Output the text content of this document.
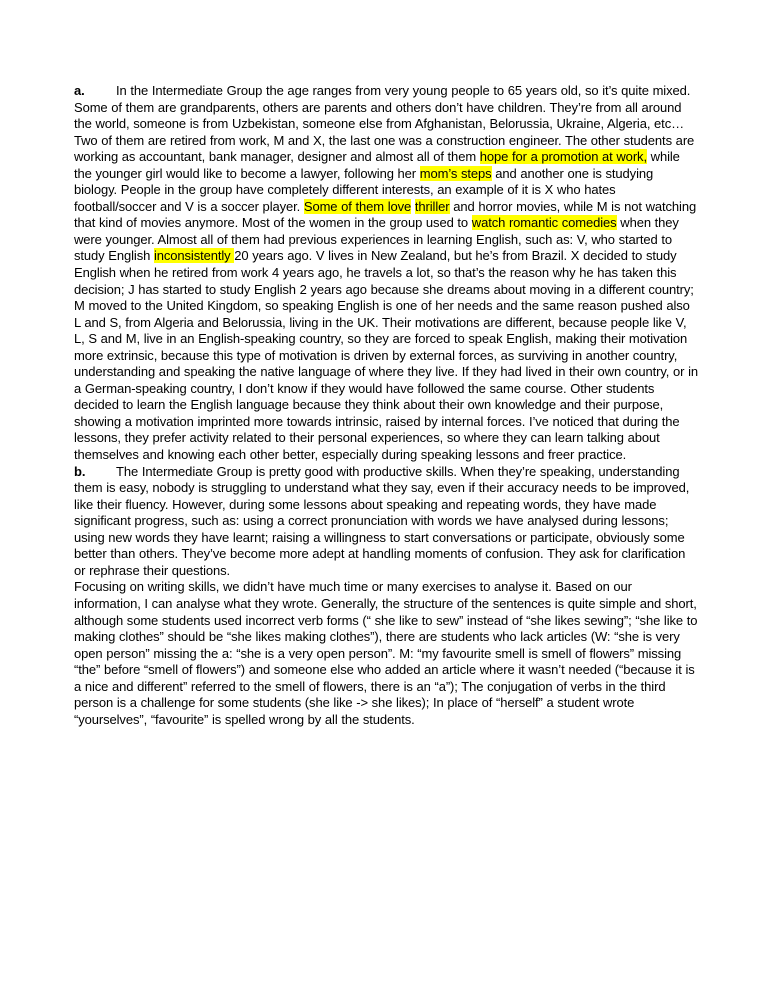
a. In the Intermediate Group the age ranges from very young people to 65 years old, so it’s quite mixed. Some of them are grandparents, others are parents and others don’t have children. They’re from all around the world, someone is from Uzbekistan, someone else from Afghanistan, Belorussia, Ukraine, Algeria, etc… Two of them are retired from work, M and X, the last one was a construction engineer. The other students are working as accountant, bank manager, designer and almost all of them hope for a promotion at work, while the younger girl would like to become a lawyer, following her mom’s steps and another one is studying biology. People in the group have completely different interests, an example of it is X who hates football/soccer and V is a soccer player. Some of them love thriller and horror movies, while M is not watching that kind of movies anymore. Most of the women in the group used to watch romantic comedies when they were younger. Almost all of them had previous experiences in learning English, such as: V, who started to study English inconsistently 20 years ago. V lives in New Zealand, but he’s from Brazil. X decided to study English when he retired from work 4 years ago, he travels a lot, so that’s the reason why he has taken this decision; J has started to study English 2 years ago because she dreams about moving in a different country; M moved to the United Kingdom, so speaking English is one of her needs and the same reason pushed also L and S, from Algeria and Belorussia, living in the UK. Their motivations are different, because people like V, L, S and M, live in an English-speaking country, so they are forced to speak English, making their motivation more extrinsic, because this type of motivation is driven by external forces, as surviving in another country, understanding and speaking the native language of where they live. If they had lived in their own country, or in a German-speaking country, I don’t know if they would have followed the same course. Other students decided to learn the English language because they think about their own knowledge and their purpose, showing a motivation imprinted more towards intrinsic, raised by internal forces. I’ve noticed that during the lessons, they prefer activity related to their personal experiences, so where they can learn talking about themselves and knowing each other better, especially during speaking lessons and freer practice.

b. The Intermediate Group is pretty good with productive skills. When they’re speaking, understanding them is easy, nobody is struggling to understand what they say, even if their accuracy needs to be improved, like their fluency. However, during some lessons about speaking and repeating words, they have made significant progress, such as: using a correct pronunciation with words we have analysed during lessons; using new words they have learnt; raising a willingness to start conversations or participate, obviously some better than others. They’ve become more adept at handling moments of confusion. They ask for clarification or rephrase their questions.

Focusing on writing skills, we didn’t have much time or many exercises to analyse it. Based on our information, I can analyse what they wrote. Generally, the structure of the sentences is quite simple and short, although some students used incorrect verb forms (“ she like to sew” instead of “she likes sewing”; “she like to making clothes” should be “she likes making clothes”), there are students who lack articles (W: “she is very open person” missing the a: “she is a very open person”. M: “my favourite smell is smell of flowers” missing “the” before “smell of flowers”) and someone else who added an article where it wasn’t needed (“because it is a nice and different” referred to the smell of flowers, there is an “a”); The conjugation of verbs in the third person is a challenge for some students (she like -> she likes); In place of “herself” a student wrote “yourselves”, “favourite” is spelled wrong by all the students.
